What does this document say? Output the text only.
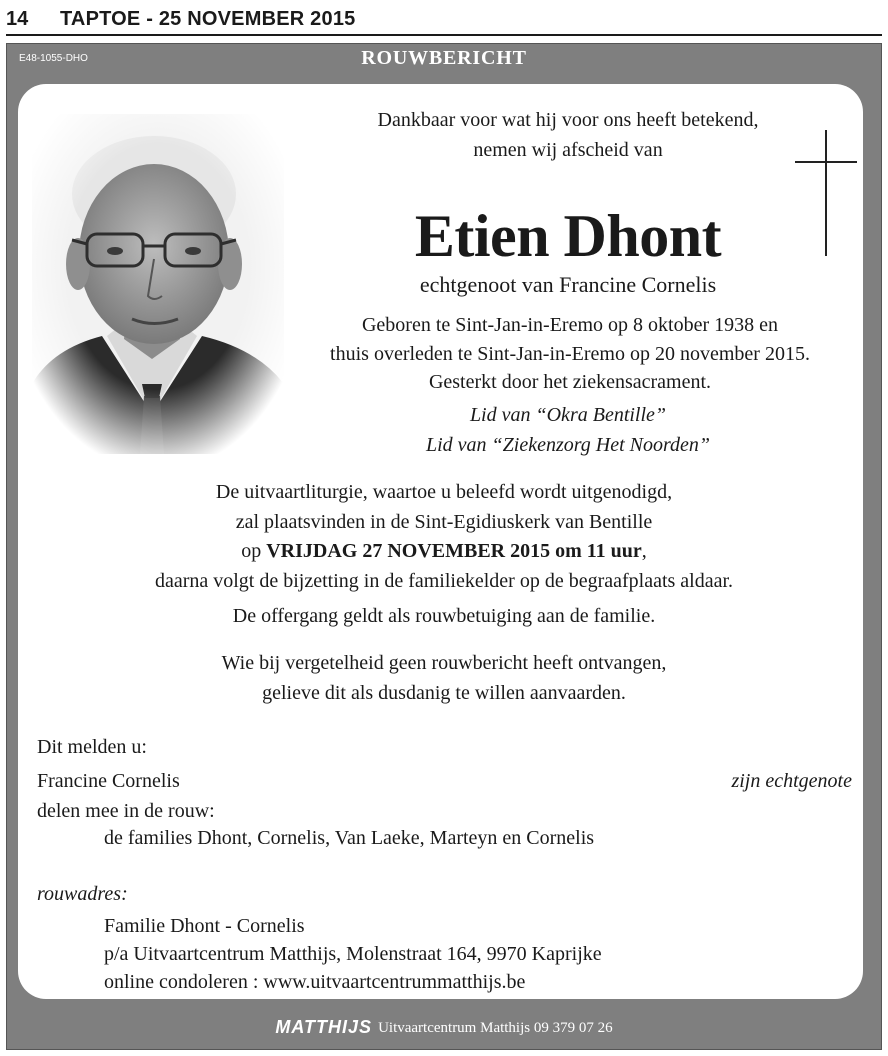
14 TAPTOE - 25 NOVEMBER 2015
E48-1055-DHO	ROUWBERICHT
Dankbaar voor wat hij voor ons heeft betekend,
nemen wij afscheid van
Etien Dhont
echtgenoot van Francine Cornelis
Geboren te Sint-Jan-in-Eremo op 8 oktober 1938 en
thuis overleden te Sint-Jan-in-Eremo op 20 november 2015.
Gesterkt door het ziekensacrament.
Lid van “Okra Bentille”
Lid van “Ziekenzorg Het Noorden”
De uitvaartliturgie, waartoe u beleefd wordt uitgenodigd,
zal plaatsvinden in de Sint-Egidiuskerk van Bentille
op VRIJDAG 27 NOVEMBER 2015 om 11 uur,
daarna volgt de bijzetting in de familiekelder op de begraafplaats aldaar.
De offergang geldt als rouwbetuiging aan de familie.
Wie bij vergetelheid geen rouwbericht heeft ontvangen,
gelieve dit als dusdanig te willen aanvaarden.
Dit melden u:
Francine Cornelis	zijn echtgenote
delen mee in de rouw:
de families Dhont, Cornelis, Van Laeke, Marteyn en Cornelis
rouwadres:
Familie Dhont - Cornelis
p/a Uitvaartcentrum Matthijs, Molenstraat 164, 9970 Kaprijke
online condoleren : www.uitvaartcentrummatthijs.be
MATTHIJS Uitvaartcentrum Matthijs 09 379 07 26
